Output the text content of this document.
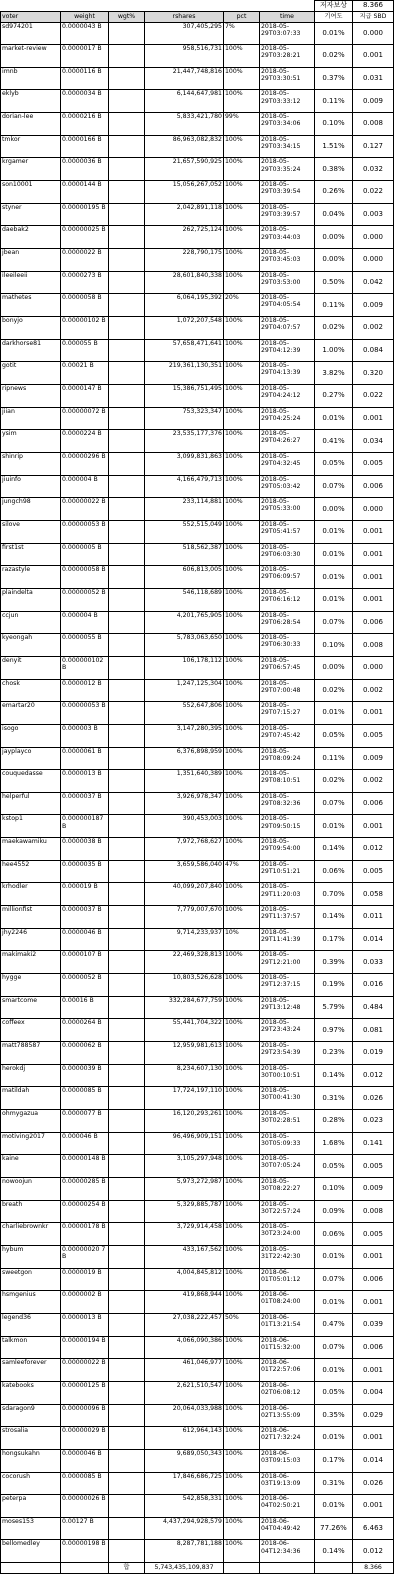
						저자보상	8.366
voter	weight	wgt%	rshares	pct	time	기여도	지급 SBD
sd974201	0.0000043 B		307,405,295	7%	2018-05-29T03:07:33	0.01%	0.000
market-review	0.0000017 B		958,516,731	100%	2018-05-29T03:28:21	0.02%	0.001
imnb	0.0000116 B		21,447,748,816	100%	2018-05-29T03:30:51	0.37%	0.031
eklyb	0.0000034 B		6,144,647,981	100%	2018-05-29T03:33:12	0.11%	0.009
dorian-lee	0.0000216 B		5,833,421,780	99%	2018-05-29T03:34:06	0.10%	0.008
tmkor	0.0000166 B		86,963,082,832	100%	2018-05-29T03:34:15	1.51%	0.127
krgamer	0.0000036 B		21,657,590,925	100%	2018-05-29T03:35:24	0.38%	0.032
son10001	0.0000144 B		15,056,267,052	100%	2018-05-29T03:39:54	0.26%	0.022
styner	0.00000195 B		2,042,891,118	100%	2018-05-29T03:39:57	0.04%	0.003
daebak2	0.00000025 B		262,725,124	100%	2018-05-29T03:44:03	0.00%	0.000
jbean	0.0000022 B		228,790,175	100%	2018-05-29T03:45:03	0.00%	0.000
ileeileeii	0.0000273 B		28,601,840,338	100%	2018-05-29T03:53:00	0.50%	0.042
mathetes	0.0000058 B		6,064,195,392	20%	2018-05-29T04:05:54	0.11%	0.009
bonyjo	0.00000102 B		1,072,207,548	100%	2018-05-29T04:07:57	0.02%	0.002
darkhorse81	0.000055 B		57,658,471,641	100%	2018-05-29T04:12:39	1.00%	0.084
gotit	0.00021 B		219,361,130,351	100%	2018-05-29T04:13:39	3.82%	0.320
ripnews	0.0000147 B		15,386,751,495	100%	2018-05-29T04:24:12	0.27%	0.022
jiian	0.00000072 B		753,323,347	100%	2018-05-29T04:25:24	0.01%	0.001
ysim	0.0000224 B		23,535,177,376	100%	2018-05-29T04:26:27	0.41%	0.034
shinrip	0.00000296 B		3,099,831,863	100%	2018-05-29T04:32:45	0.05%	0.005
jiuinfo	0.000004 B		4,166,479,713	100%	2018-05-29T05:03:42	0.07%	0.006
jungch98	0.00000022 B		233,114,881	100%	2018-05-29T05:33:00	0.00%	0.000
silove	0.00000053 B		552,515,049	100%	2018-05-29T05:41:57	0.01%	0.001
first1st	0.0000005 B		518,562,387	100%	2018-05-29T06:03:30	0.01%	0.001
razastyle	0.00000058 B		606,813,005	100%	2018-05-29T06:09:57	0.01%	0.001
plaindelta	0.00000052 B		546,118,689	100%	2018-05-29T06:16:12	0.01%	0.001
ccjun	0.000004 B		4,201,765,905	100%	2018-05-29T06:28:54	0.07%	0.006
kyeongah	0.0000055 B		5,783,063,650	100%	2018-05-29T06:30:33	0.10%	0.008
denyit	0.000000102 B		106,178,112	100%	2018-05-29T06:57:45	0.00%	0.000
chosk	0.0000012 B		1,247,125,304	100%	2018-05-29T07:00:48	0.02%	0.002
emartar20	0.00000053 B		552,647,806	100%	2018-05-29T07:15:27	0.01%	0.001
isogo	0.000003 B		3,147,280,395	100%	2018-05-29T07:45:42	0.05%	0.005
jayplayco	0.0000061 B		6,376,898,959	100%	2018-05-29T08:09:24	0.11%	0.009
couquedasse	0.0000013 B		1,351,640,389	100%	2018-05-29T08:10:51	0.02%	0.002
helperful	0.0000037 B		3,926,978,347	100%	2018-05-29T08:32:36	0.07%	0.006
kstop1	0.000000187 B		390,453,003	100%	2018-05-29T09:50:15	0.01%	0.001
maekawamiku	0.0000038 B		7,972,768,627	100%	2018-05-29T09:54:00	0.14%	0.012
hee4552	0.0000035 B		3,659,586,040	47%	2018-05-29T10:51:21	0.06%	0.005
krhodler	0.000019 B		40,099,207,840	100%	2018-05-29T11:20:03	0.70%	0.058
millionfist	0.0000037 B		7,779,007,670	100%	2018-05-29T11:37:57	0.14%	0.011
jhy2246	0.0000046 B		9,714,233,937	10%	2018-05-29T11:41:39	0.17%	0.014
makimaki2	0.0000107 B		22,469,328,813	100%	2018-05-29T12:21:00	0.39%	0.033
hygge	0.0000052 B		10,803,526,628	100%	2018-05-29T12:37:15	0.19%	0.016
smartcome	0.00016 B		332,284,677,759	100%	2018-05-29T13:12:48	5.79%	0.484
coffeex	0.0000264 B		55,441,704,322	100%	2018-05-29T23:43:24	0.97%	0.081
matt788587	0.0000062 B		12,959,981,613	100%	2018-05-29T23:54:39	0.23%	0.019
herokdj	0.0000039 B		8,234,607,130	100%	2018-05-30T00:10:51	0.14%	0.012
matildah	0.0000085 B		17,724,197,110	100%	2018-05-30T00:41:30	0.31%	0.026
ohmygazua	0.0000077 B		16,120,293,261	100%	2018-05-30T02:28:51	0.28%	0.023
motiving2017	0.000046 B		96,496,909,151	100%	2018-05-30T05:09:33	1.68%	0.141
kaine	0.00000148 B		3,105,297,948	100%	2018-05-30T07:05:24	0.05%	0.005
nowoojun	0.00000285 B		5,973,272,987	100%	2018-05-30T08:22:27	0.10%	0.009
breath	0.00000254 B		5,329,885,787	100%	2018-05-30T22:57:24	0.09%	0.008
charliebrownkr	0.00000178 B		3,729,914,458	100%	2018-05-30T23:24:00	0.06%	0.005
hybum	0.00000020 7 B		433,167,562	100%	2018-05-31T22:42:30	0.01%	0.001
sweetgon	0.0000019 B		4,004,845,812	100%	2018-06-01T05:01:12	0.07%	0.006
hsmgenius	0.0000002 B		419,868,944	100%	2018-06-01T08:24:00	0.01%	0.001
legend36	0.0000013 B		27,038,222,457	50%	2018-06-01T13:21:54	0.47%	0.039
talkmon	0.00000194 B		4,066,090,386	100%	2018-06-01T15:32:00	0.07%	0.006
samleeforever	0.00000022 B		461,046,977	100%	2018-06-01T22:57:06	0.01%	0.001
katebooks	0.00000125 B		2,621,510,547	100%	2018-06-02T06:08:12	0.05%	0.004
sdaragon9	0.00000096 B		20,064,033,988	100%	2018-06-02T13:55:09	0.35%	0.029
strosalia	0.00000029 B		612,964,143	100%	2018-06-02T17:32:24	0.01%	0.001
hongsukahn	0.0000046 B		9,689,050,343	100%	2018-06-03T09:15:03	0.17%	0.014
cocorush	0.0000085 B		17,846,686,725	100%	2018-06-03T19:13:09	0.31%	0.026
peterpa	0.00000026 B		542,858,331	100%	2018-06-04T02:50:21	0.01%	0.001
moses153	0.00127 B		4,437,294,928,579	100%	2018-06-04T04:49:42	77.26%	6.463
bellomedley	0.00000198 B		8,287,781,188	100%	2018-06-04T12:34:36	0.14%	0.012
		합	5,743,435,109,837				8.366
